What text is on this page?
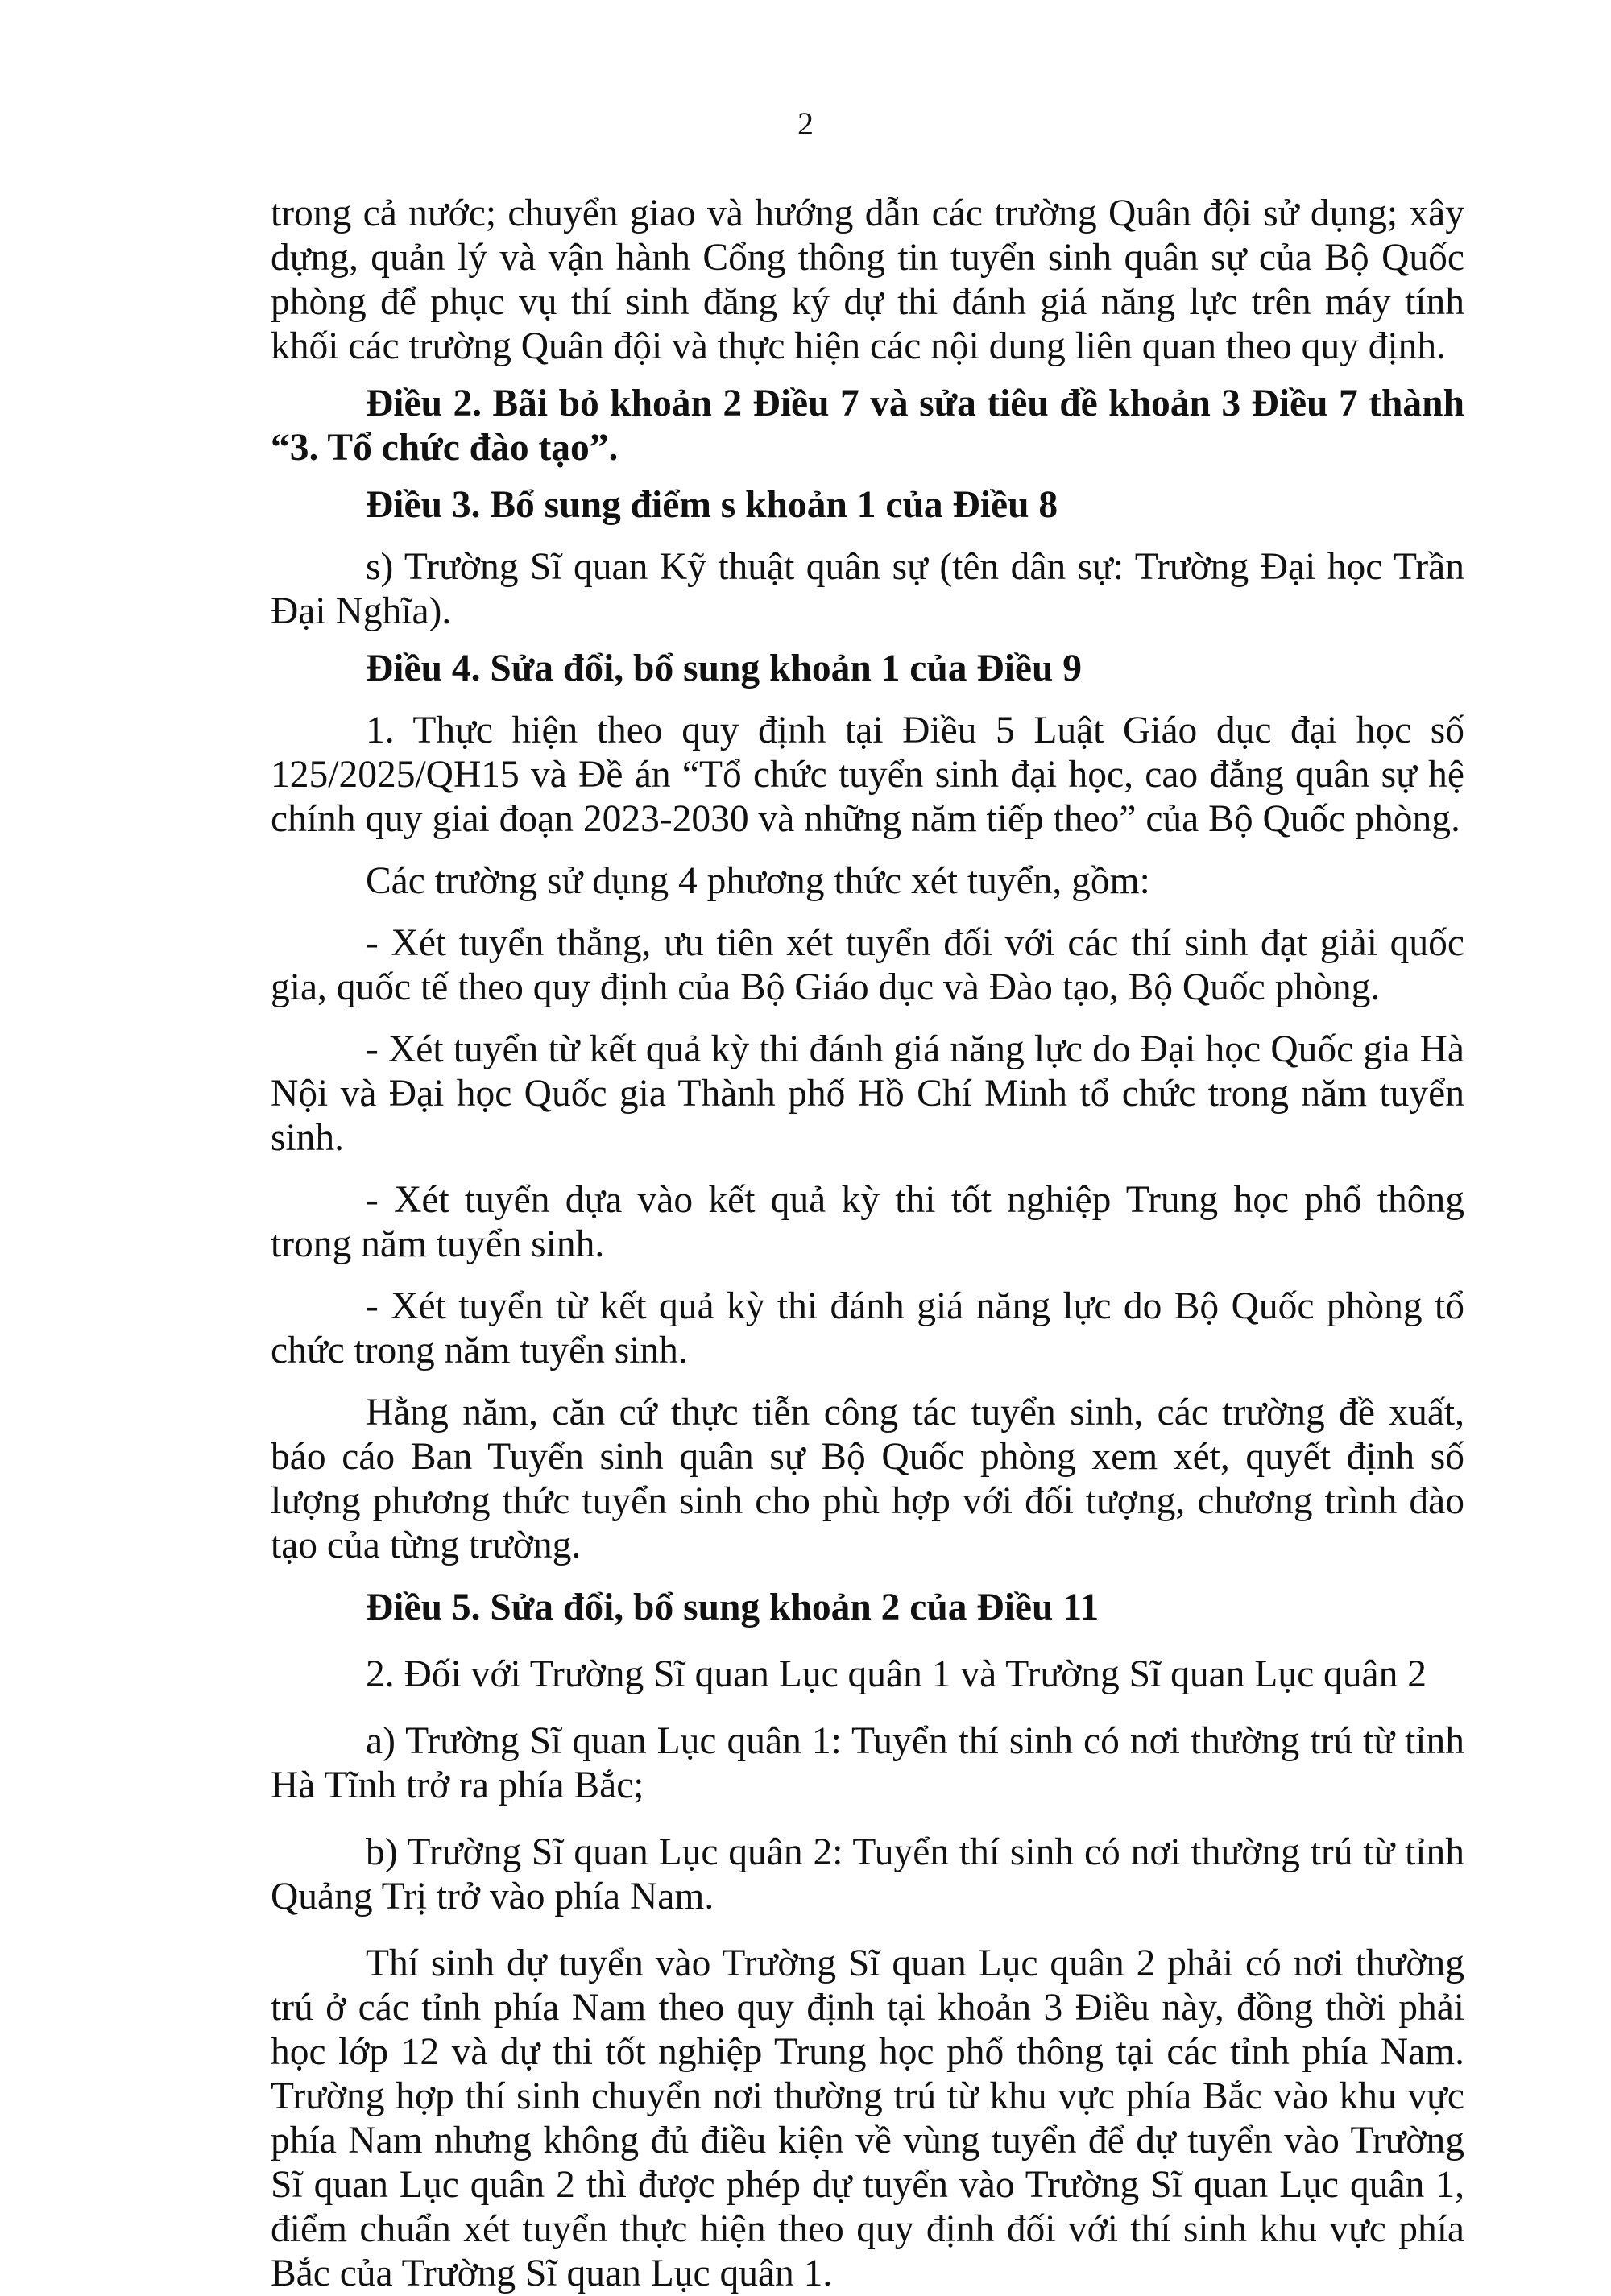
2

trong cả nước; chuyển giao và hướng dẫn các trường Quân đội sử dụng; xây dựng, quản lý và vận hành Cổng thông tin tuyển sinh quân sự của Bộ Quốc phòng để phục vụ thí sinh đăng ký dự thi đánh giá năng lực trên máy tính khối các trường Quân đội và thực hiện các nội dung liên quan theo quy định.

Điều 2. Bãi bỏ khoản 2 Điều 7 và sửa tiêu đề khoản 3 Điều 7 thành “3. Tổ chức đào tạo”.

Điều 3. Bổ sung điểm s khoản 1 của Điều 8

s) Trường Sĩ quan Kỹ thuật quân sự (tên dân sự: Trường Đại học Trần Đại Nghĩa).

Điều 4. Sửa đổi, bổ sung khoản 1 của Điều 9

1. Thực hiện theo quy định tại Điều 5 Luật Giáo dục đại học số 125/2025/QH15 và Đề án “Tổ chức tuyển sinh đại học, cao đẳng quân sự hệ chính quy giai đoạn 2023-2030 và những năm tiếp theo” của Bộ Quốc phòng.

Các trường sử dụng 4 phương thức xét tuyển, gồm:

- Xét tuyển thẳng, ưu tiên xét tuyển đối với các thí sinh đạt giải quốc gia, quốc tế theo quy định của Bộ Giáo dục và Đào tạo, Bộ Quốc phòng.

- Xét tuyển từ kết quả kỳ thi đánh giá năng lực do Đại học Quốc gia Hà Nội và Đại học Quốc gia Thành phố Hồ Chí Minh tổ chức trong năm tuyển sinh.

- Xét tuyển dựa vào kết quả kỳ thi tốt nghiệp Trung học phổ thông trong năm tuyển sinh.

- Xét tuyển từ kết quả kỳ thi đánh giá năng lực do Bộ Quốc phòng tổ chức trong năm tuyển sinh.

Hằng năm, căn cứ thực tiễn công tác tuyển sinh, các trường đề xuất, báo cáo Ban Tuyển sinh quân sự Bộ Quốc phòng xem xét, quyết định số lượng phương thức tuyển sinh cho phù hợp với đối tượng, chương trình đào tạo của từng trường.

Điều 5. Sửa đổi, bổ sung khoản 2 của Điều 11

2. Đối với Trường Sĩ quan Lục quân 1 và Trường Sĩ quan Lục quân 2

a) Trường Sĩ quan Lục quân 1: Tuyển thí sinh có nơi thường trú từ tỉnh Hà Tĩnh trở ra phía Bắc;

b) Trường Sĩ quan Lục quân 2: Tuyển thí sinh có nơi thường trú từ tỉnh Quảng Trị trở vào phía Nam.

Thí sinh dự tuyển vào Trường Sĩ quan Lục quân 2 phải có nơi thường trú ở các tỉnh phía Nam theo quy định tại khoản 3 Điều này, đồng thời phải học lớp 12 và dự thi tốt nghiệp Trung học phổ thông tại các tỉnh phía Nam. Trường hợp thí sinh chuyển nơi thường trú từ khu vực phía Bắc vào khu vực phía Nam nhưng không đủ điều kiện về vùng tuyển để dự tuyển vào Trường Sĩ quan Lục quân 2 thì được phép dự tuyển vào Trường Sĩ quan Lục quân 1, điểm chuẩn xét tuyển thực hiện theo quy định đối với thí sinh khu vực phía Bắc của Trường Sĩ quan Lục quân 1.
